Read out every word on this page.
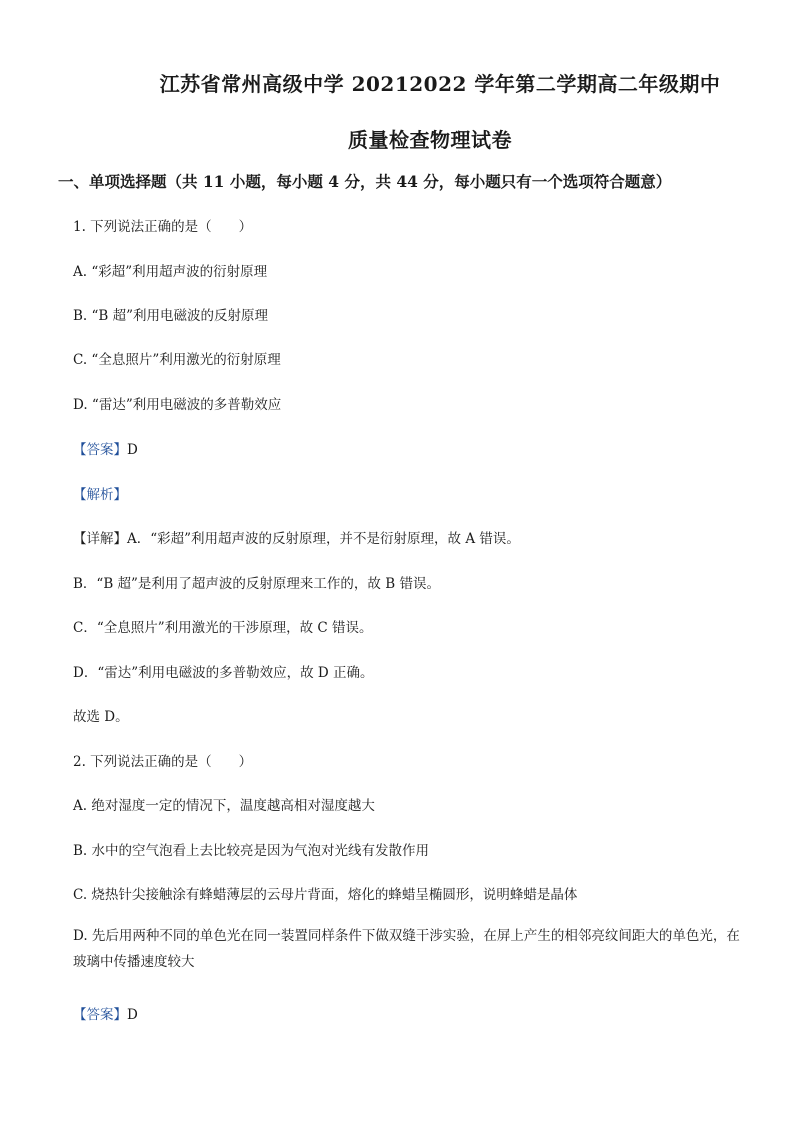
江苏省常州高级中学 20212022 学年第二学期高二年级期中
质量检查物理试卷
一、单项选择题（共 11 小题，每小题 4 分，共 44 分，每小题只有一个选项符合题意）
1. 下列说法正确的是（　　）
A. “彩超”利用超声波的衍射原理
B. “B 超”利用电磁波的反射原理
C. “全息照片”利用激光的衍射原理
D. “雷达”利用电磁波的多普勒效应
【答案】D
【解析】
【详解】A．“彩超”利用超声波的反射原理，并不是衍射原理，故 A 错误。
B．“B 超”是利用了超声波的反射原理来工作的，故 B 错误。
C．“全息照片”利用激光的干涉原理，故 C 错误。
D．“雷达”利用电磁波的多普勒效应，故 D 正确。
故选 D。
2. 下列说法正确的是（　　）
A. 绝对湿度一定的情况下，温度越高相对湿度越大
B. 水中的空气泡看上去比较亮是因为气泡对光线有发散作用
C. 烧热针尖接触涂有蜂蜡薄层的云母片背面，熔化的蜂蜡呈椭圆形，说明蜂蜡是晶体
D. 先后用两种不同的单色光在同一装置同样条件下做双缝干涉实验，在屏上产生的相邻亮纹间距大的单色光，在玻璃中传播速度较大
【答案】D
